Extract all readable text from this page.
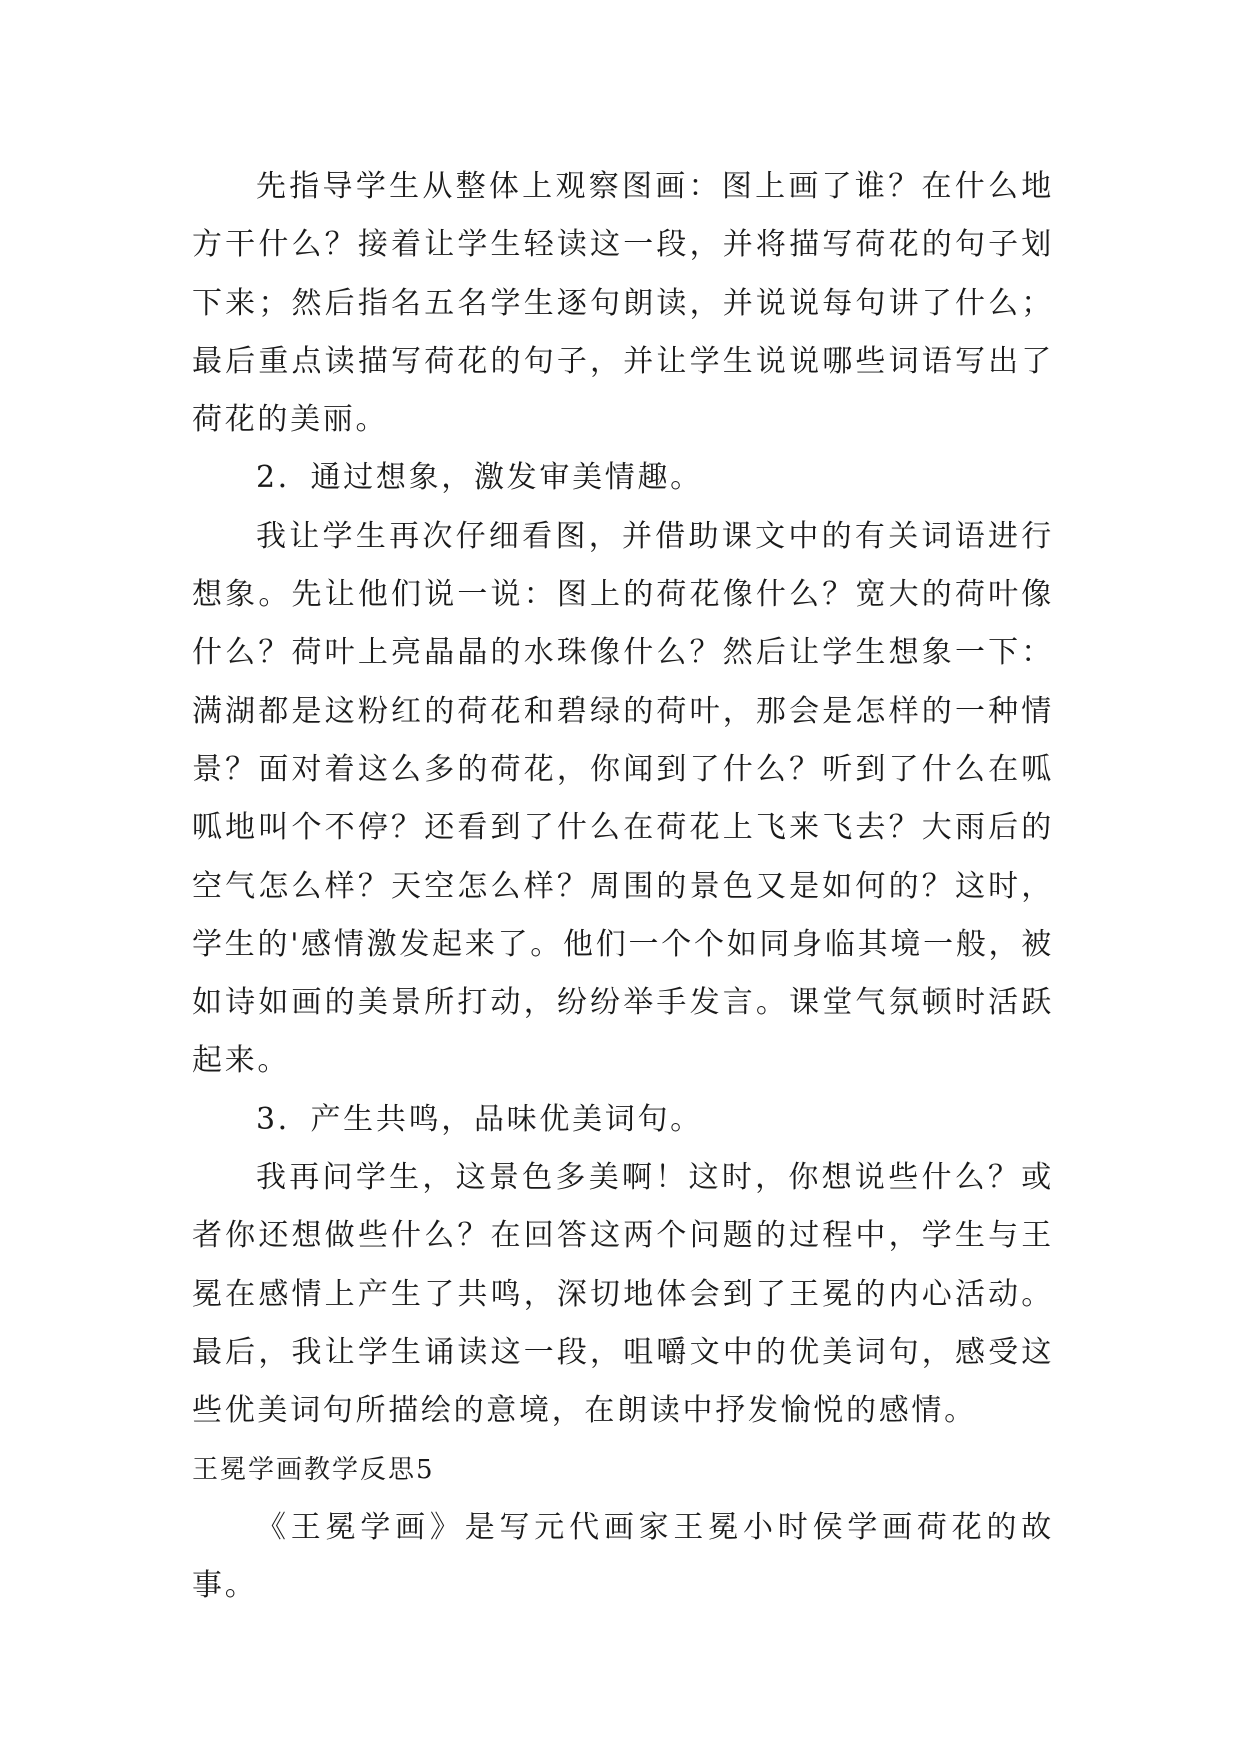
先指导学生从整体上观察图画：图上画了谁？在什么地方干什么？接着让学生轻读这一段，并将描写荷花的句子划下来；然后指名五名学生逐句朗读，并说说每句讲了什么；最后重点读描写荷花的句子，并让学生说说哪些词语写出了荷花的美丽。

2．通过想象，激发审美情趣。

我让学生再次仔细看图，并借助课文中的有关词语进行想象。先让他们说一说：图上的荷花像什么？宽大的荷叶像什么？荷叶上亮晶晶的水珠像什么？然后让学生想象一下：满湖都是这粉红的荷花和碧绿的荷叶，那会是怎样的一种情景？面对着这么多的荷花，你闻到了什么？听到了什么在呱呱地叫个不停？还看到了什么在荷花上飞来飞去？大雨后的空气怎么样？天空怎么样？周围的景色又是如何的？这时，学生的'感情激发起来了。他们一个个如同身临其境一般，被如诗如画的美景所打动，纷纷举手发言。课堂气氛顿时活跃起来。

3．产生共鸣，品味优美词句。

我再问学生，这景色多美啊！这时，你想说些什么？或者你还想做些什么？在回答这两个问题的过程中，学生与王冕在感情上产生了共鸣，深切地体会到了王冕的内心活动。最后，我让学生诵读这一段，咀嚼文中的优美词句，感受这些优美词句所描绘的意境，在朗读中抒发愉悦的感情。

王冕学画教学反思5

《王冕学画》是写元代画家王冕小时侯学画荷花的故事。
